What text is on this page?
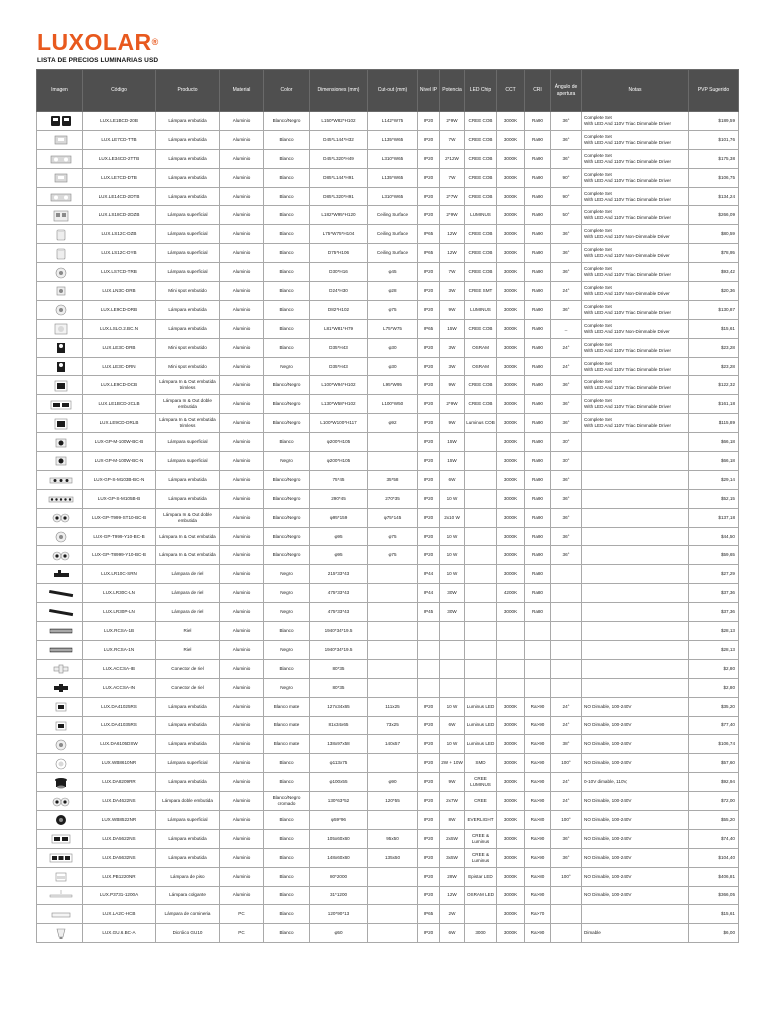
LUXOLAR®
LISTA DE PRECIOS LUMINARIAS USD
Imagen	Código	Producto	Material	Color	Dimensiones (mm)	Cut-out (mm)	Nivel IP	Potencia	LED Chip	CCT	CRI	Ángulo de apertura	Notas	PVP Sugerido

	LUX.LE1BCD-20B	Lámpara embutida	Aluminio	Blanco/Negro	L150*W82*H102	L142*W75	IP20	2*9W	CREE COB	3000K	Ra90	36°	Complete Set
With LED And 110V Triac Dimmable Driver	$189,59

	LUX.LE7CD-TTB	Lámpara embutida	Aluminio	Blanco	D45*L144*H32	L135*W65	IP20	7W	CREE COB	3000K	Ra90	36°	Complete Set
With LED And 110V Triac Dimmable Driver	$101,76

	LUX.LE34CD-2TTB	Lámpara embutida	Aluminio	Blanco	D45*L320*H49	L310*W65	IP20	2*12W	CREE COB	3000K	Ra90	36°	Complete Set
With LED And 110V Triac Dimmable Driver	$175,38

	LUX.LE7CD-DTB	Lámpara embutida	Aluminio	Blanco	D85*L144*H91	L135*W65	IP20	7W	CREE COB	3000K	Ra90	90°	Complete Set
With LED And 110V Triac Dimmable Driver	$106,75

	LUX.LE14CD-2DTB	Lámpara embutida	Aluminio	Blanco	D85*L320*H91	L310*W65	IP20	2*7W	CREE COB	3000K	Ra90	90°	Complete Set
With LED And 110V Triac Dimmable Driver	$134,24

	LUX.LS18CD-2DZB	Lámpara superficial	Aluminio	Blanco	L182*W95*H120	Ceiling Surface	IP20	2*9W	LUMINUS	3000K	Ra90	50°	Complete Set
With LED And 110V Triac Dimmable Driver	$266,09

	LUX.LS12C-DZB	Lámpara superficial	Aluminio	Blanco	L75*W75*H104	Ceiling Surface	IP65	12W	CREE COB	3000K	Ra90	36°	Complete Set
With LED And 110V Non-Dimmable Driver	$80,59

	LUX.LS12C-DYB	Lámpara superficial	Aluminio	Blanco	D75*H106	Ceiling Surface	IP65	12W	CREE COB	3000K	Ra90	36°	Complete Set
With LED And 110V Non-Dimmable Driver	$78,95

	LUX.LS7CD-TRB	Lámpara superficial	Aluminio	Blanco	D30*H16	φ45	IP20	7W	CREE COB	3000K	Ra90	36°	Complete Set
With LED And 110V Triac Dimmable Driver	$93,42

	LUX.LN3C-DRB	Mini spot embutido	Aluminio	Blanco	D24*H30	φ28	IP20	3W	CREE SMT	3000K	Ra90	24°	Complete Set
With LED And 110V Non-Dimmable Driver	$20,36

	LUX.LE9CD-DRB	Lámpara embutida	Aluminio	Blanco	D82*H102	φ75	IP20	9W	LUMINUS	3000K	Ra90	36°	Complete Set
With LED And 110V Triac Dimmable Driver	$130,87

	LUX.LSLO.2.BC.N	Lámpara embutida	Aluminio	Blanco	L81*W81*H79	L75*W75	IP65	15W	CREE COB	3000K	Ra90	_	Complete Set
With LED And 110V Non-Dimmable Driver	$15,61

	LUX.LE3C-DRB	Mini spot embutido	Aluminio	Blanco	D35*H43	φ30	IP20	3W	OSRAM	3000K	Ra90	24°	Complete Set
With LED And 110V Triac Dimmable Driver	$23,28

	LUX.LE3C-DRN	Mini spot embutido	Aluminio	Negro	D35*H43	φ30	IP20	3W	OSRAM	3000K	Ra90	24°	Complete Set
With LED And 110V Triac Dimmable Driver	$23,28

	LUX.LE9CD-DCB	Lámpara In & Out embutida trimless	Aluminio	Blanco/Negro	L100*W94*H102	L95*W95	IP20	9W	CREE COB	3000K	Ra90	36°	Complete Set
With LED And 110V Triac Dimmable Driver	$122,32

	LUX.LE1BCD-2CLB	Lámpara In & Out doble embutida	Aluminio	Blanco/Negro	L130*W58*H102	L100*W50	IP20	2*9W	CREE COB	3000K	Ra90	36°	Complete Set
With LED And 110V Triac Dimmable Driver	$161,18

	LUX.LE9CD-DRLB	Lámpara In & Out embutida trimless	Aluminio	Blanco/Negro	L100*W100*H117	φ92	IP20	9W	Luminus COB	3000K	Ra90	36°	Complete Set
With LED And 110V Triac Dimmable Driver	$115,89

	LUX-GP-M-100W-BC-B	Lámpara superficial	Aluminio	Blanco	φ200*H105		IP20	15W		3000K	Ra90	30°		$66,18

	LUX-GP-M-100W-BC-N	Lámpara superficial	Aluminio	Negro	φ200*H105		IP20	15W		3000K	Ra90	30°		$66,18

	LUX-GP-S-M103B-BC-N	Lámpara embutida	Aluminio	Blanco/Negro	75*45	35*58	IP20	6W		3000K	Ra90	36°		$29,14

	LUX-GP-S-M105B-B	Lámpara embutida	Aluminio	Blanco/Negro	290*45	270*35	IP20	10 W		3000K	Ra90	36°		$52,15

	LUX-GP-T999-ST10-BC-B	Lámpara In & Out doble embutida	Aluminio	Blanco/Negro	φ95*159	φ75*145	IP20	2x10 W		3000K	Ra90	36°		$137,18

	LUX-GP-T999-Y10-BC-B	Lámpara In & Out embutida	Aluminio	Blanco/Negro	φ95	φ75	IP20	10 W		3000K	Ra90	36°		$44,50

	LUX-GP-T8999-Y10-BC-B	Lámpara In & Out embutida	Aluminio	Blanco/Negro	φ95	φ75	IP20	10 W		3000K	Ra90	36°		$59,65

	LUX.LR10C-SRN	Lámpara de riel	Aluminio	Negro	215*33*43		IP44	10 W		3000K	Ra80			$27,29

	LUX.LR30C-LN	Lámpara de riel	Aluminio	Negro	475*33*43		IP44	30W		4200K	Ra80			$37,36

	LUX.LR30P-LN	Lámpara de riel	Aluminio	Negro	475*33*43		IP45	30W		3000K	Ra80			$37,36

	LUX.RCSA-1B	Riel	Aluminio	Blanco	1940*34*19.5									$28,13

	LUX.RCSA-1N	Riel	Aluminio	Negro	1940*34*19.5									$28,13

	LUX.ACCSA-IB	Conector de riel	Aluminio	Blanco	80*35									$2,80

	LUX.ACCSA-IN	Conector de riel	Aluminio	Negro	80*35									$2,80

	LUX.DA41025RS	Lámpara embutida	Aluminio	Blanco mate	127x34x65	111x25	IP20	10 W	Luminus LED	3000K	Ra>90	24°	NO Dimable, 100-240V	$35,20

	LUX.DA41035RS	Lámpara embutida	Aluminio	Blanco mate	81x34x65	73x25	IP20	6W	Luminus LED	3000K	Ra>90	24°	NO Dimable, 100-240V	$77,40

	LUX.DA6105DSW	Lámpara embutida	Aluminio	Blanco mate	138x97x58	140x57	IP20	10 W	Luminus LED	3000K	Ra>90	38°	NO Dimable, 100-240V	$106,74

	LUX.WB8610NR	Lámpara superficial	Aluminio	Blanco	φ113x75		IP20	2W + 10W	SMD	3000K	Ra>90	100°	NO Dimable, 100-240V	$57,60

	LUX.DA8209RR	Lámpara embutida	Aluminio	Blanco	φ100x55	φ90	IP20	9W	CREE LUMINUS	3000K	Ra>90	24°	0-10V dimable, 110V,	$92,94

	LUX.DA4622NS	Lámpara doble embutida	Aluminio	Blanco/Negro cromado	130*63*52	120*55	IP20	2x7W	CREE	3000K	Ra>90	24°	NO Dimable, 100-240V	$72,00

	LUX.WB8522NR	Lámpara superficial	Aluminio	Blanco	φ59*96		IP20	8W	EVERLIGHT	3000K	Ra>80	100°	NO Dimable, 100-240V	$55,20

	LUX.DA5622NS	Lámpara embutida	Aluminio	Blanco	105x60x60	95x50	IP20	2x5W	CREE & Luminus	3000K	Ra>90	36°	NO Dimable, 100-240V	$74,40

	LUX.DA5632NS	Lámpara embutida	Aluminio	Blanco	148x60x60	135x50	IP20	3x5W	CREE & Luminus	3000K	Ra>90	36°	NO Dimable, 100-240V	$104,40

	LUX.PB1220NR	Lámpara de piso	Aluminio	Blanco	80*2000		IP20	28W	Epistar LED	3000K	Ra>80	100°	NO Dimable, 100-240V	$406,81

	LUX.P3731-1200A	Lámpara colgante	Aluminio	Blanco	31*1200		IP20	12W	OSRAM LED	3000K	Ra>90		NO Dimable, 100-240V	$366,05

	LUX.LA2C-HCB	Lámpara de cornineria	PC	Blanco	120*90*13		IP65	2W		3000K	Ra>70			$15,61

	LUX.GU.6.BC-A	Dicróico GU10	PC	Blanco	φ50		IP20	6W	3000	3000K	Ra>90		Dimable	$6,00
